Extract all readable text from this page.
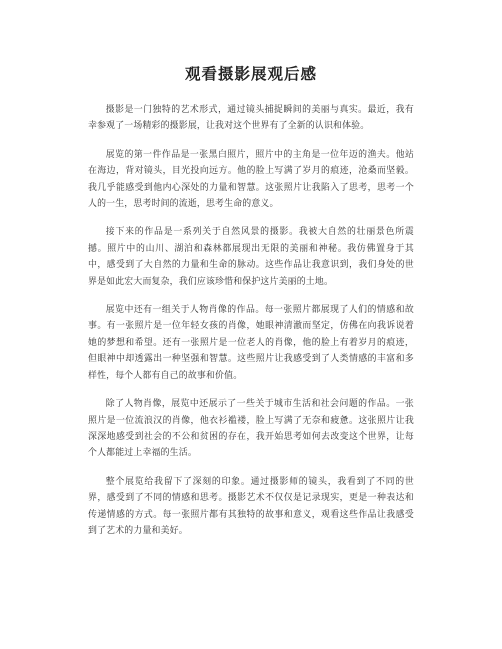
观看摄影展观后感

摄影是一门独特的艺术形式，通过镜头捕捉瞬间的美丽与真实。最近，我有幸参观了一场精彩的摄影展，让我对这个世界有了全新的认识和体验。

展览的第一件作品是一张黑白照片，照片中的主角是一位年迈的渔夫。他站在海边，背对镜头，目光投向远方。他的脸上写满了岁月的痕迹，沧桑而坚毅。我几乎能感受到他内心深处的力量和智慧。这张照片让我陷入了思考，思考一个人的一生，思考时间的流逝，思考生命的意义。

接下来的作品是一系列关于自然风景的摄影。我被大自然的壮丽景色所震撼。照片中的山川、湖泊和森林都展现出无限的美丽和神秘。我仿佛置身于其中，感受到了大自然的力量和生命的脉动。这些作品让我意识到，我们身处的世界是如此宏大而复杂，我们应该珍惜和保护这片美丽的土地。

展览中还有一组关于人物肖像的作品。每一张照片都展现了人们的情感和故事。有一张照片是一位年轻女孩的肖像，她眼神清澈而坚定，仿佛在向我诉说着她的梦想和希望。还有一张照片是一位老人的肖像，他的脸上有着岁月的痕迹，但眼神中却透露出一种坚强和智慧。这些照片让我感受到了人类情感的丰富和多样性，每个人都有自己的故事和价值。

除了人物肖像，展览中还展示了一些关于城市生活和社会问题的作品。一张照片是一位流浪汉的肖像，他衣衫褴褛，脸上写满了无奈和疲惫。这张照片让我深深地感受到社会的不公和贫困的存在，我开始思考如何去改变这个世界，让每个人都能过上幸福的生活。

整个展览给我留下了深刻的印象。通过摄影师的镜头，我看到了不同的世界，感受到了不同的情感和思考。摄影艺术不仅仅是记录现实，更是一种表达和传递情感的方式。每一张照片都有其独特的故事和意义，观看这些作品让我感受到了艺术的力量和美好。
